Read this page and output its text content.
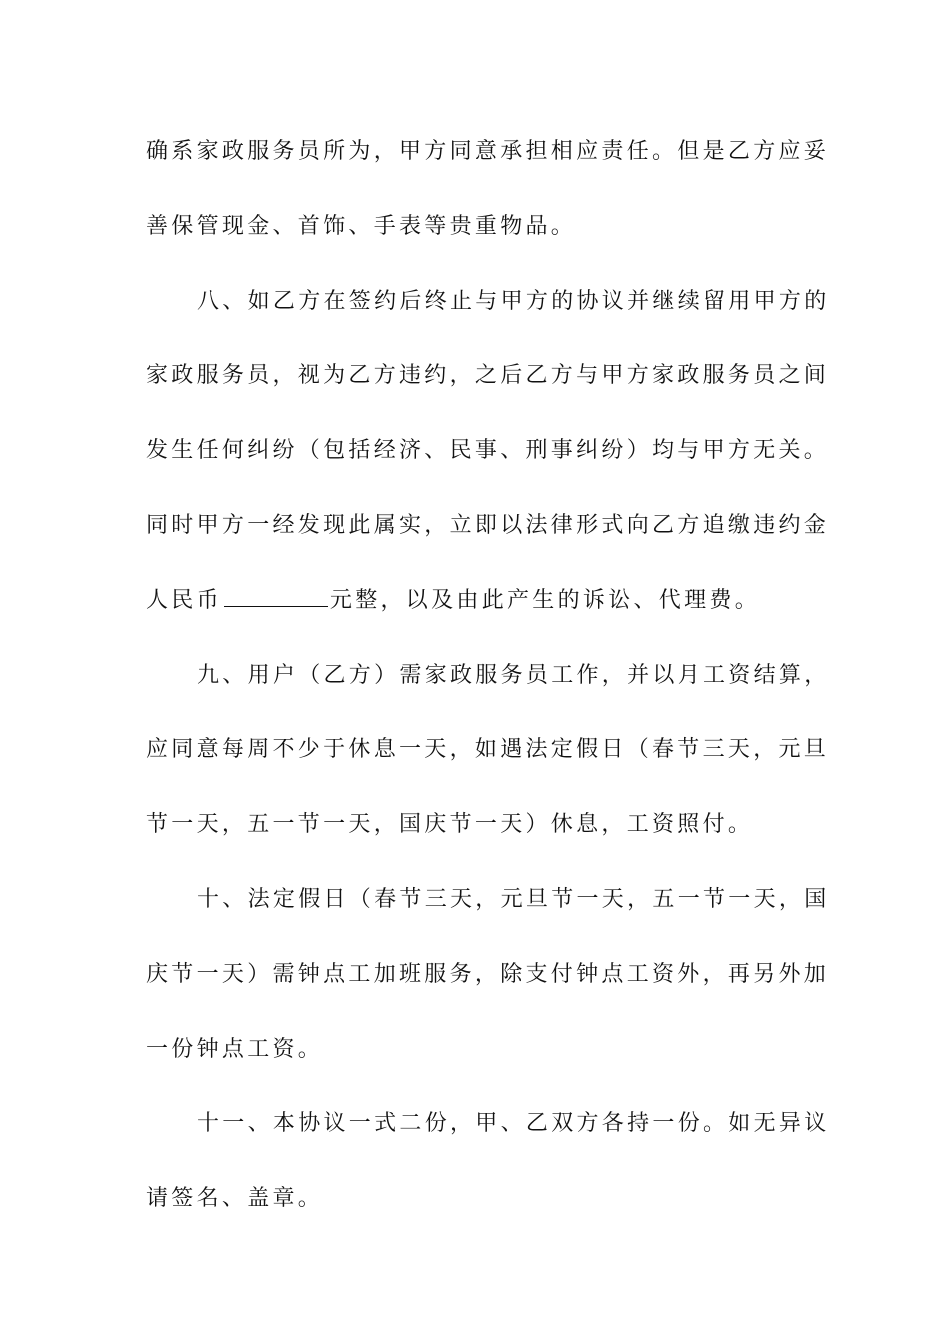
确系家政服务员所为，甲方同意承担相应责任。但是乙方应妥
善保管现金、首饰、手表等贵重物品。
八、如乙方在签约后终止与甲方的协议并继续留用甲方的
家政服务员，视为乙方违约，之后乙方与甲方家政服务员之间
发生任何纠纷（包括经济、民事、刑事纠纷）均与甲方无关。
同时甲方一经发现此属实，立即以法律形式向乙方追缴违约金
人民币	元整，以及由此产生的诉讼、代理费。
九、用户（乙方）需家政服务员工作，并以月工资结算，
应同意每周不少于休息一天，如遇法定假日（春节三天，元旦
节一天，五一节一天，国庆节一天）休息，工资照付。
十、法定假日（春节三天，元旦节一天，五一节一天，国
庆节一天）需钟点工加班服务，除支付钟点工资外，再另外加
一份钟点工资。
十一、本协议一式二份，甲、乙双方各持一份。如无异议
请签名、盖章。
